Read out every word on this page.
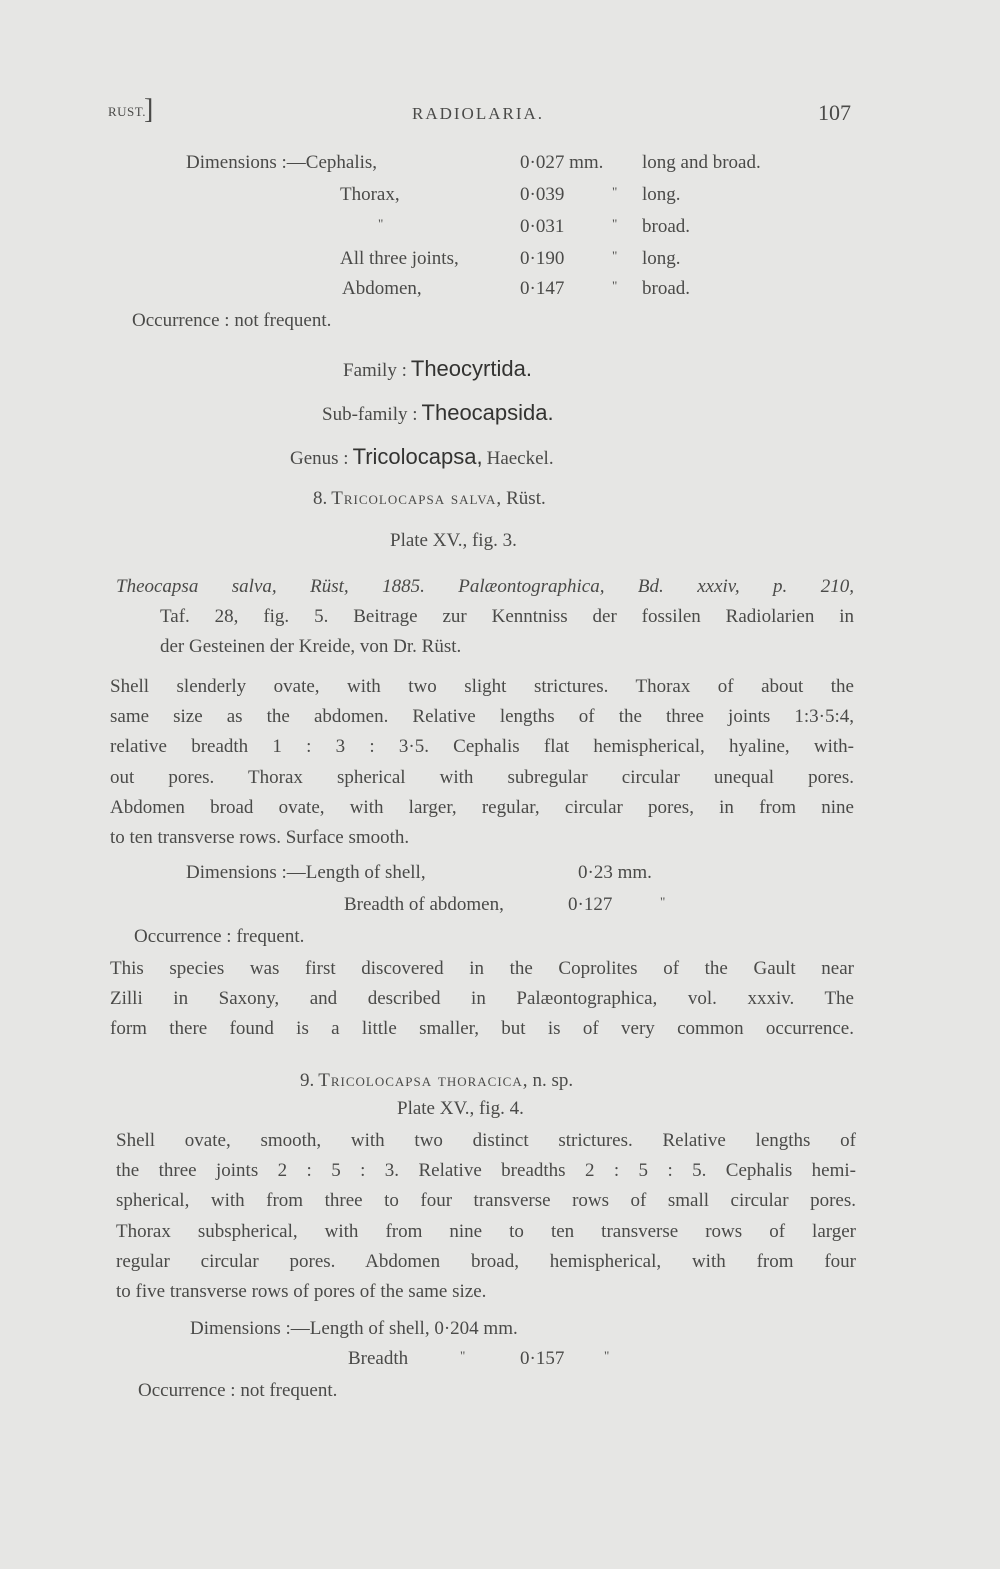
RUST.
]	RADIOLARIA.	107
Dimensions :—Cephalis,	0·027 mm. long and broad.
Thorax,	0·039	" long.
"	0·031	" broad.
All three joints,	0·190	" long.
Abdomen,	0·147	" broad.
Occurrence : not frequent.
Family : Theocyrtida.
Sub-family : Theocapsida.
Genus : Tricolocapsa, Haeckel.
8. Tricolocapsa salva, Rüst.
Plate XV., fig. 3.
Theocapsa salva, Rüst, 1885. Palæontographica, Bd. xxxiv, p. 210,
Taf. 28, fig. 5. Beitrage zur Kenntniss der fossilen Radiolarien in
der Gesteinen der Kreide, von Dr. Rüst.
Shell slenderly ovate, with two slight strictures. Thorax of about the
same size as the abdomen. Relative lengths of the three joints 1:3·5:4,
relative breadth 1 : 3 : 3·5. Cephalis flat hemispherical, hyaline, with-
out pores. Thorax spherical with subregular circular unequal pores.
Abdomen broad ovate, with larger, regular, circular pores, in from nine
to ten transverse rows. Surface smooth.
Dimensions :—Length of shell,	0·23 mm.
Breadth of abdomen,	0·127	"
Occurrence : frequent.
This species was first discovered in the Coprolites of the Gault near
Zilli in Saxony, and described in Palæontographica, vol. xxxiv. The
form there found is a little smaller, but is of very common occurrence.
9. Tricolocapsa thoracica, n. sp.
Plate XV., fig. 4.
Shell ovate, smooth, with two distinct strictures. Relative lengths of
the three joints 2 : 5 : 3. Relative breadths 2 : 5 : 5. Cephalis hemi-
spherical, with from three to four transverse rows of small circular pores.
Thorax subspherical, with from nine to ten transverse rows of larger
regular circular pores. Abdomen broad, hemispherical, with from four
to five transverse rows of pores of the same size.
Dimensions :—Length of shell, 0·204 mm.
Breadth	"	0·157	"
Occurrence : not frequent.
